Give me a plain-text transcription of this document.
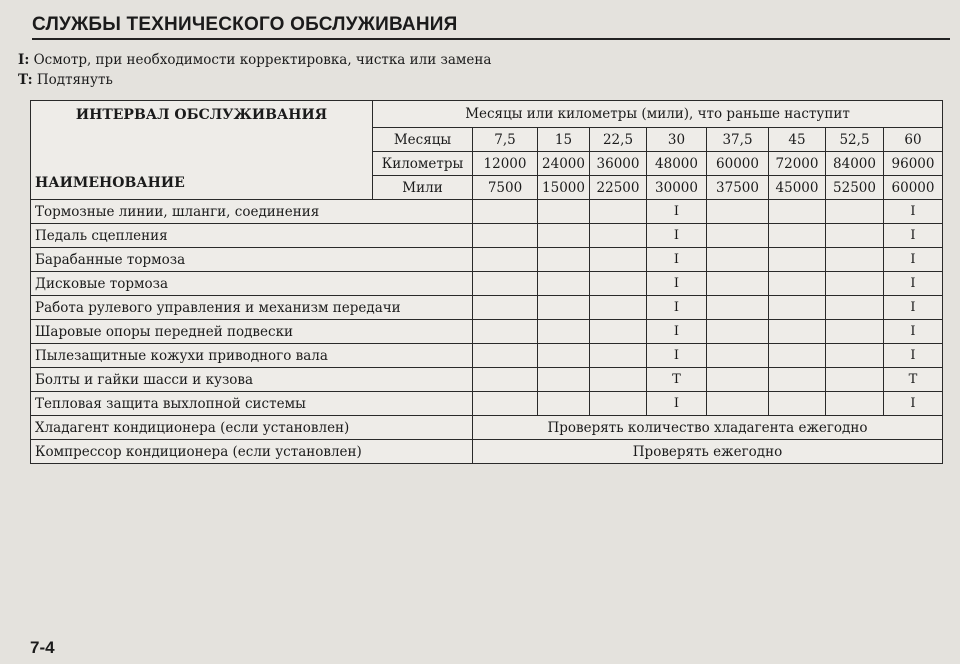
СЛУЖБЫ ТЕХНИЧЕСКОГО ОБСЛУЖИВАНИЯ
I: Осмотр, при необходимости корректировка, чистка или замена
T: Подтянуть
ИНТЕРВАЛ ОБСЛУЖИВАНИЯ
НАИМЕНОВАНИЕ	Месяцы или километры (мили), что раньше наступит								
	Месяцы	7,5	15	22,5	30	37,5	45	52,5	60
	Километры	12000	24000	36000	48000	60000	72000	84000	96000
	Мили	7500	15000	22500	30000	37500	45000	52500	60000
Тормозные линии, шланги, соединения					I				I
Педаль сцепления					I				I
Барабанные тормоза					I				I
Дисковые тормоза					I				I
Работа рулевого управления и механизм передачи					I				I
Шаровые опоры передней подвески					I				I
Пылезащитные кожухи приводного вала					I				I
Болты и гайки шасси и кузова					T				T
Тепловая защита выхлопной системы					I				I
Хладагент кондиционера (если установлен)		Проверять количество хладагента ежегодно							
Компрессор кондиционера (если установлен)		Проверять ежегодно							
7-4
